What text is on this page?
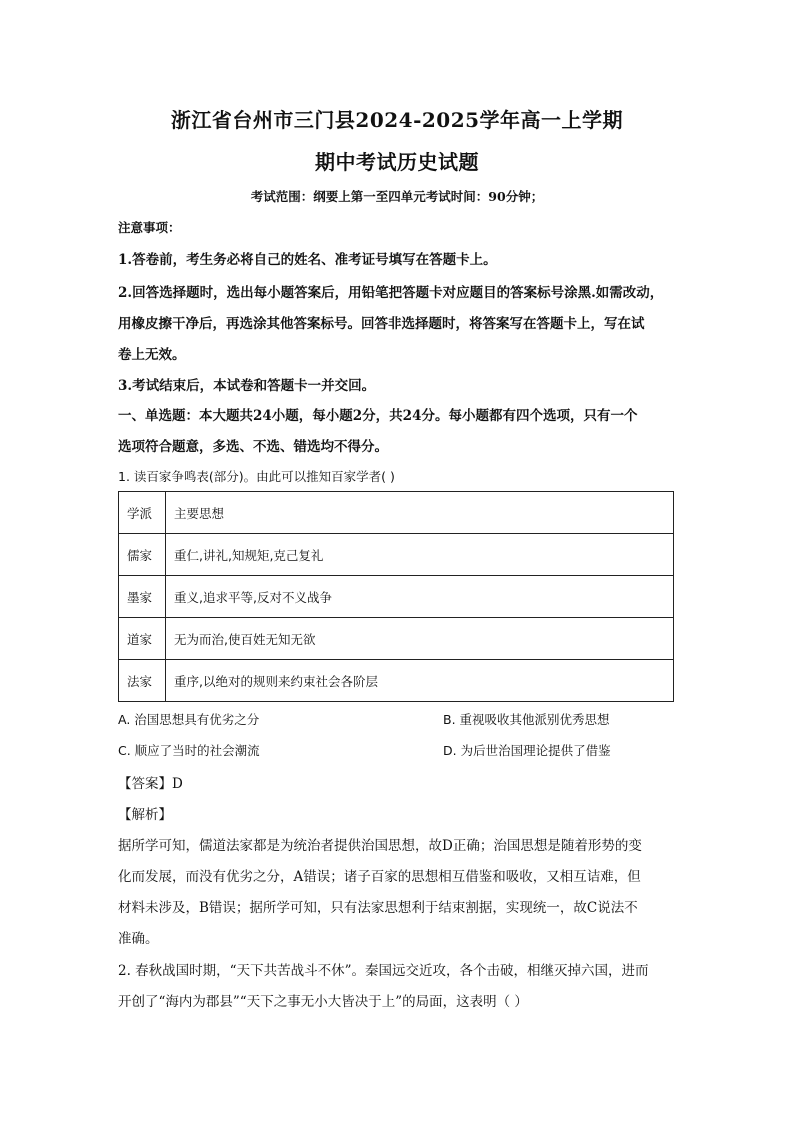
浙江省台州市三门县2024-2025学年高一上学期
期中考试历史试题
考试范围：纲要上第一至四单元考试时间：90分钟；
注意事项：
1.答卷前，考生务必将自己的姓名、准考证号填写在答题卡上。
2.回答选择题时，选出每小题答案后，用铅笔把答题卡对应题目的答案标号涂黑.如需改动，
用橡皮擦干净后，再选涂其他答案标号。回答非选择题时，将答案写在答题卡上，写在试
卷上无效。
3.考试结束后，本试卷和答题卡一并交回。
一、单选题：本大题共24小题，每小题2分，共24分。每小题都有四个选项，只有一个
选项符合题意，多选、不选、错选均不得分。
1. 读百家争鸣表(部分)。由此可以推知百家学者( )
学派	主要思想
儒家	重仁,讲礼,知规矩,克己复礼
墨家	重义,追求平等,反对不义战争
道家	无为而治,使百姓无知无欲
法家	重序,以绝对的规则来约束社会各阶层
A. 治国思想具有优劣之分	B. 重视吸收其他派别优秀思想
C. 顺应了当时的社会潮流	D. 为后世治国理论提供了借鉴
【答案】D
【解析】
据所学可知，儒道法家都是为统治者提供治国思想，故D正确；治国思想是随着形势的变
化而发展，而没有优劣之分，A错误；诸子百家的思想相互借鉴和吸收，又相互诘难，但
材料未涉及，B错误；据所学可知，只有法家思想利于结束割据，实现统一，故C说法不
准确。
2. 春秋战国时期，“天下共苦战斗不休”。秦国远交近攻，各个击破，相继灭掉六国，进而
开创了“海内为郡县”“天下之事无小大皆决于上”的局面，这表明（ ）
